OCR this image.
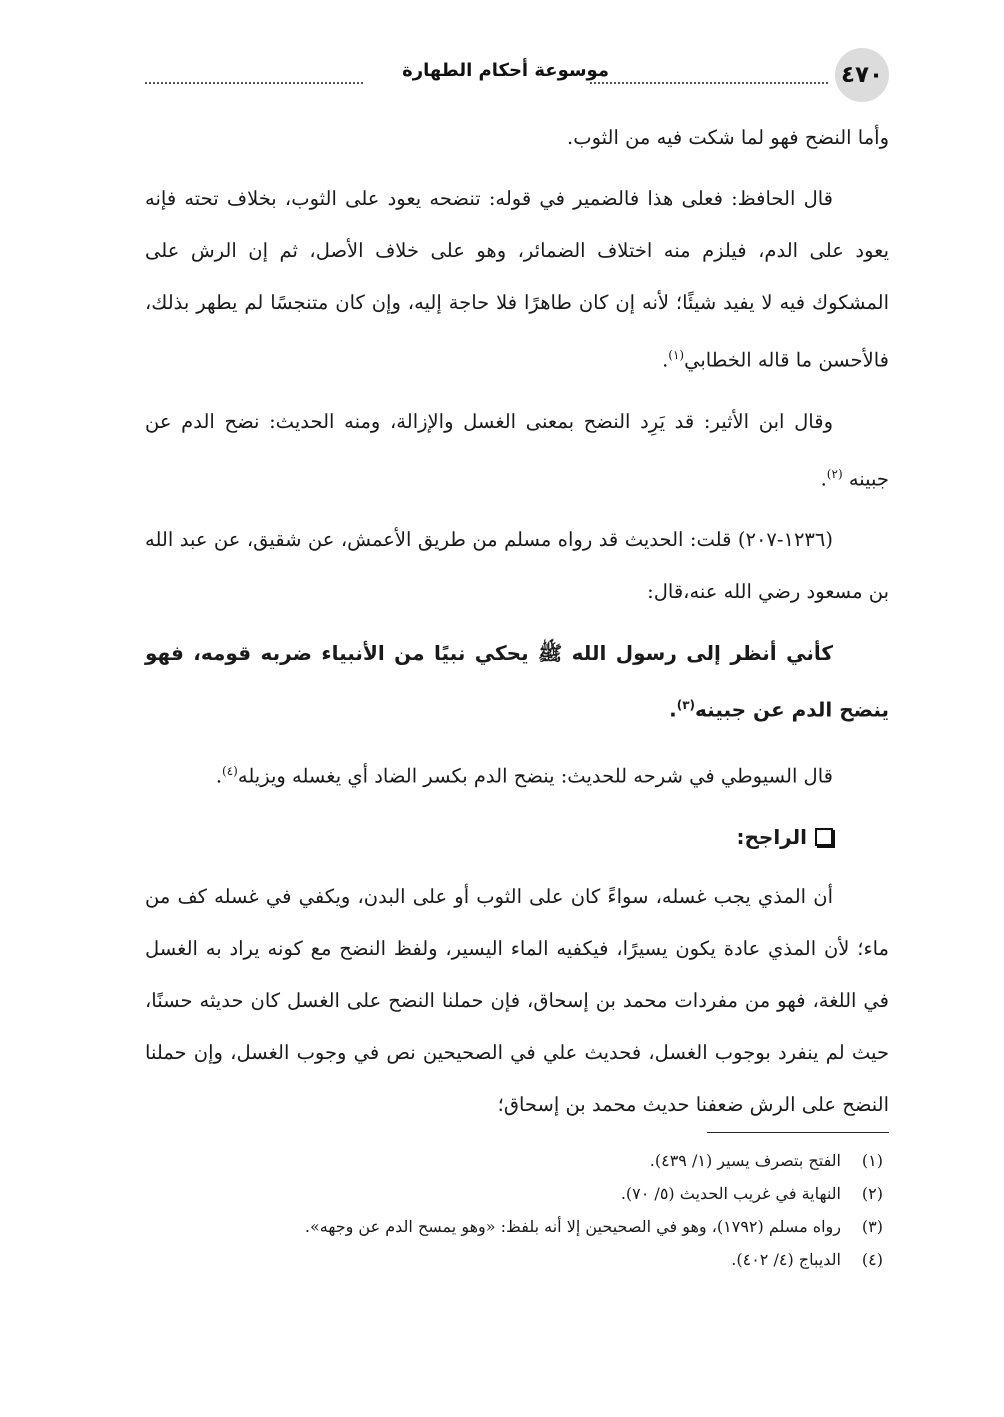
٤٧٠
موسوعة أحكام الطهارة

وأما النضح فهو لما شكت فيه من الثوب.

قال الحافظ: فعلى هذا فالضمير في قوله: تنضحه يعود على الثوب، بخلاف تحته فإنه يعود على الدم، فيلزم منه اختلاف الضمائر، وهو على خلاف الأصل، ثم إن الرش على المشكوك فيه لا يفيد شيئًا؛ لأنه إن كان طاهرًا فلا حاجة إليه، وإن كان متنجسًا لم يطهر بذلك، فالأحسن ما قاله الخطابي$^{(١)}$.

وقال ابن الأثير: قد يَرِد النضح بمعنى الغسل والإزالة، ومنه الحديث: نضح الدم عن جبينه $^{(٢)}$.

(١٢٣٦-٢٠٧) قلت: الحديث قد رواه مسلم من طريق الأعمش، عن شقيق، عن عبد الله بن مسعود رضي الله عنه،قال:

كأني أنظر إلى رسول الله ﷺ يحكي نبيًا من الأنبياء ضربه قومه، فهو ينضح الدم عن جبينه$^{(٣)}$.

قال السيوطي في شرحه للحديث: ينضح الدم بكسر الضاد أي يغسله ويزيله$^{(٤)}$.

الراجح:

أن المذي يجب غسله، سواءً كان على الثوب أو على البدن، ويكفي في غسله كف من ماء؛ لأن المذي عادة يكون يسيرًا، فيكفيه الماء اليسير، ولفظ النضح مع كونه يراد به الغسل في اللغة، فهو من مفردات محمد بن إسحاق، فإن حملنا النضح على الغسل كان حديثه حسنًا، حيث لم ينفرد بوجوب الغسل، فحديث علي في الصحيحين نص في وجوب الغسل، وإن حملنا النضح على الرش ضعفنا حديث محمد بن إسحاق؛

(١)
الفتح بتصرف يسير (١/ ٤٣٩).
(٢)
النهاية في غريب الحديث (٥/ ٧٠).
(٣)
رواه مسلم (١٧٩٢)، وهو في الصحيحين إلا أنه بلفظ: «وهو يمسح الدم عن وجهه».
(٤)
الديباج (٤/ ٤٠٢).
